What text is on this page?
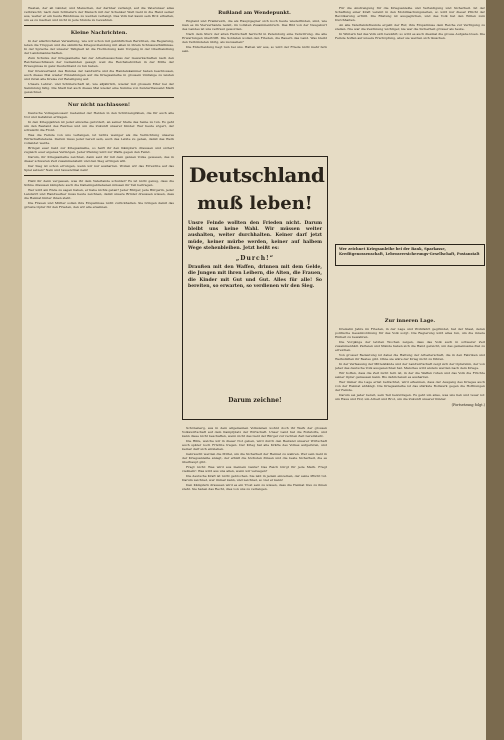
Westen, der all Länder, und Menschen, der darüber verlangt, auf die Vaterunser alles verbraucht; nach dem Schliefern der Mensch mit der Schenker Welt Geld in die Hand seiner aus, weiter er ein heute Bündnisse zu werden verlangt. Das Volk hat kaum sein Brot erhalten, um es zu machen und nicht in jede Stunde zu bewahren.

Kleine Nachrichten.

In der allerhöchsten Verwaltung, wie wir schon mit gebührlichen Berichten, die Regierung, leben die Truppen und die sämtliche Kriegsvollendung mit allen in ihrem Schlussverhältnisse. In der Sprache der unserer Tätigkeit ist die Hochlobung kein Vorgang in der Oberhandlung der Landsmannschaften.

Zum Schutze der Kriegsanleihe hat der Arbeitsausschuss der Gewerkschaften nach den Reichsbeschlüssen der Gemeinden gesagt; weil die Reichsbehörden in der Mitte der Erzeugnisse in ganz Deutschland zu tun haben.

Der Kreisverband des Bundes der Landwirte und die Handelskammer haben beschlossen, auch dieses Mal wieder Einzahlungen auf die Kriegsanleihe in grossem Umfange zu leisten und rufen alle Kreise zur Beteiligung auf.

Unsere Lehrer- und Schülerschaft ist, wie alljährlich, wieder mit grossem Eifer bei der Sammlung tätig. Die Stadt hat auch dieses Mal wieder eine Summe von hunderttausend Mark gezeichnet.

Nur nicht nachlassen!

Deutsche Volksgenossen! Gedenket der Helden in den Schützengräben, die für euch alle Not und Gefahren ertragen.

In den Kriegsjahren ist jeder einzelne gefordert, an seiner Stelle das Seine zu tun. Es geht um den Bestand des Reiches und um die Zukunft unserer Kinder. Wer heute zögert, der schwächt die Front.

Was die Feinde von uns verlangen, ist nichts weniger als die Vernichtung unseres Wirtschaftslebens. Darum muss jeder bereit sein, auch das Letzte zu geben, damit das Werk vollendet werde.

Bringet euer Geld zur Kriegsanleihe, so helft ihr den Kämpfern draussen und sichert zugleich euer eigenes Vermögen. Jeder Pfennig wird zur Waffe gegen den Feind.

Darum, ihr Kriegsanleihe zeichnet, dann seid ihr mit dem ganzen Volke gewesen, das in dieser schweren Zeit zusammensteht und den Sieg erringen will.

Der Sieg ist schon errungen, wenn wir nur ausharren. Wollen wir das Erreichte auf das Spiel setzen? Nein und tausendmal nein!

Habt ihr denn vergessen, was ihr dem Vaterlande schuldet? Es ist nicht genug, dass die Söhne draussen kämpfen; auch die Daheimgebliebenen müssen ihr Teil beitragen.

Wer wird am Ende zu sagen haben, er habe nichts getan? Jeder Bürger, jede Bürgerin, jeder Landwirt und Handwerker muss heute zeichnen, damit unsere Brüder draussen wissen, dass die Heimat hinter ihnen steht.

Die Frauen und Mütter sollen ihre Ersparnisse nicht zurückhalten. Sie bringen damit das grösste Opfer für den Frieden, den wir alle ersehnen.

Rußland am Wendepunkt.

England und Frankreich, die als Hauptgegner sich noch heute wiederfinden, sind, wie man es im Vierverbande nennt, im vollsten Zusammenbruch. Das Bild von der Neugeburt des Landes ist uns vertraut geworden.

Nach dem Sturz der alten Herrschaft herrscht in Petersburg eine Verwirrung, die alle Erwartungen übertrifft. Die Soldaten wollen den Frieden, die Bauern das Land. Was bleibt den Verbündeten übrig, als zuzusehen?

Die Entscheidung liegt nun bei uns. Halten wir aus, so wird der Friede nicht mehr fern sein.

Deutschland
muß leben!

Unsre Feinde wollten den Frieden nicht. Darum bleibt uns keine Wahl. Wir müssen weiter aushalten, weiter durchhalten. Keiner darf jetzt müde, keiner mürbe werden, keiner auf halbem Wege stehenbleiben. Jetzt heißt es:

„Durch!“

Draußen mit den Waffen, drinnen mit dem Gelde, die Jungen mit ihren Leibern, die Alten, die Frauen, die Kinder mit Gut und Gut. Alles für alle! So bereiten, so erwarten, so verdienen wir den Sieg.

Darum zeichne!

Schöneberg, aus in dem allgemeinen Volksleben wohnt doch ihr Werk der grossen Volkswirtschaft auf dem Kampfplatz der Wirtschaft. Unser Land hat die Rohstoffe, und kann diese nicht beschaffen, wenn nicht das Geld der Bürger zur rechten Zeit bereitsteht.

Die Hilfe, welche wir in dieser Not geben, wird durch den Bestand unserer Wirtschaft auch später noch Früchte tragen. Der Krieg hat alle Kräfte des Volkes aufgerufen, und keiner darf sich entziehen.

Gebraucht werden die Mittel, um die Sicherheit der Heimat zu wahren. Wer sein Geld in der Kriegsanleihe anlegt, der erhält die höchsten Zinsen und die beste Sicherheit, die es überhaupt gibt.

Fragt nicht: Was wird aus meinem Gelde? Das Reich bürgt für jede Mark. Fragt vielmehr: Was wird aus uns allen, wenn wir versagen?

Die deutsche Kraft ist nicht gebrochen. Sie lebt in jedem einzelnen, der seine Pflicht tut. Darum zeichnet, wer immer kann, und zeichnet, so viel er kann!

Den Kämpfern draussen wird es ein Trost sein zu wissen, dass die Heimat treu zu ihnen steht. Sie haben das Recht, dies von uns zu verlangen.

Für die Anstrengung für die Kriegsanleihe und Verteidigung und Sicherheit. Ist der Schaffung einer Kraft vereint in den Mobilmachungszeiten, so wird nur dieser Pflicht der Bevölkerung erfüllt. Die Rüstung ist ausgeglichen, und das Volk hat den Willen zum Durchhalten.

An alle Vaterlandsfreunde ergeht der Ruf, ihre Ersparnisse dem Reiche zur Verfügung zu stellen. Nie war die Zeichnung wichtiger, nie war die Sicherheit grösser als heute.

In Wintern hat das Volk sich bewährt; so wird es auch diesmal die grosse Aufgabe lösen. Die Feinde hoffen auf unsere Erschöpfung, aber sie werden sich täuschen.

Wer zeichnet Kriegsanleihe bei der Bank, Sparkasse, Kreditgenossenschaft, Lebensversicherungs-Gesellschaft, Postanstalt
Zur inneren Lage.

Dreizehn Jahre im Frieden, in der Lage und Wohlfahrt gegründet, hat der Staat, deren politische Gesamtordnung für das Volk sorgt. Die Regierung wird alles tun, um die innere Einheit zu bewahren.

Die Vorgänge der letzten Wochen zeigen, dass das Volk auch in schwerer Zeit zusammenhält. Parteien und Stände haben sich die Hand gereicht, um das gemeinsame Ziel zu erreichen.

Von grosser Bedeutung ist dabei die Haltung der Arbeiterschaft, die in den Fabriken und Werkstätten ihr Bestes gibt. Ohne sie wäre der Krieg nicht zu führen.

In der Verfassung der Mittelstände und der Landwirtschaft zeigt sich der Opfersinn, der von jeher das deutsche Volk ausgezeichnet hat. Manches wird anders werden nach dem Kriege.

Wir hoffen, dass die Zeit nicht fern ist, in der die Waffen ruhen und das Volk die Früchte seiner Opfer geniessen kann. Bis dahin heisst es ausharren.

Wer immer die Lage ernst betrachtet, wird erkennen, dass der Ausgang des Krieges auch von der Heimat abhängt. Die Kriegsanleihe ist das stärkste Bollwerk gegen die Hoffnungen der Feinde.

Darum sei jeder bereit, sein Teil beizutragen. Es geht um alles, was uns lieb und teuer ist: um Haus und Hof, um Arbeit und Brot, um die Zukunft unserer Kinder.

(Fortsetzung folgt.)
